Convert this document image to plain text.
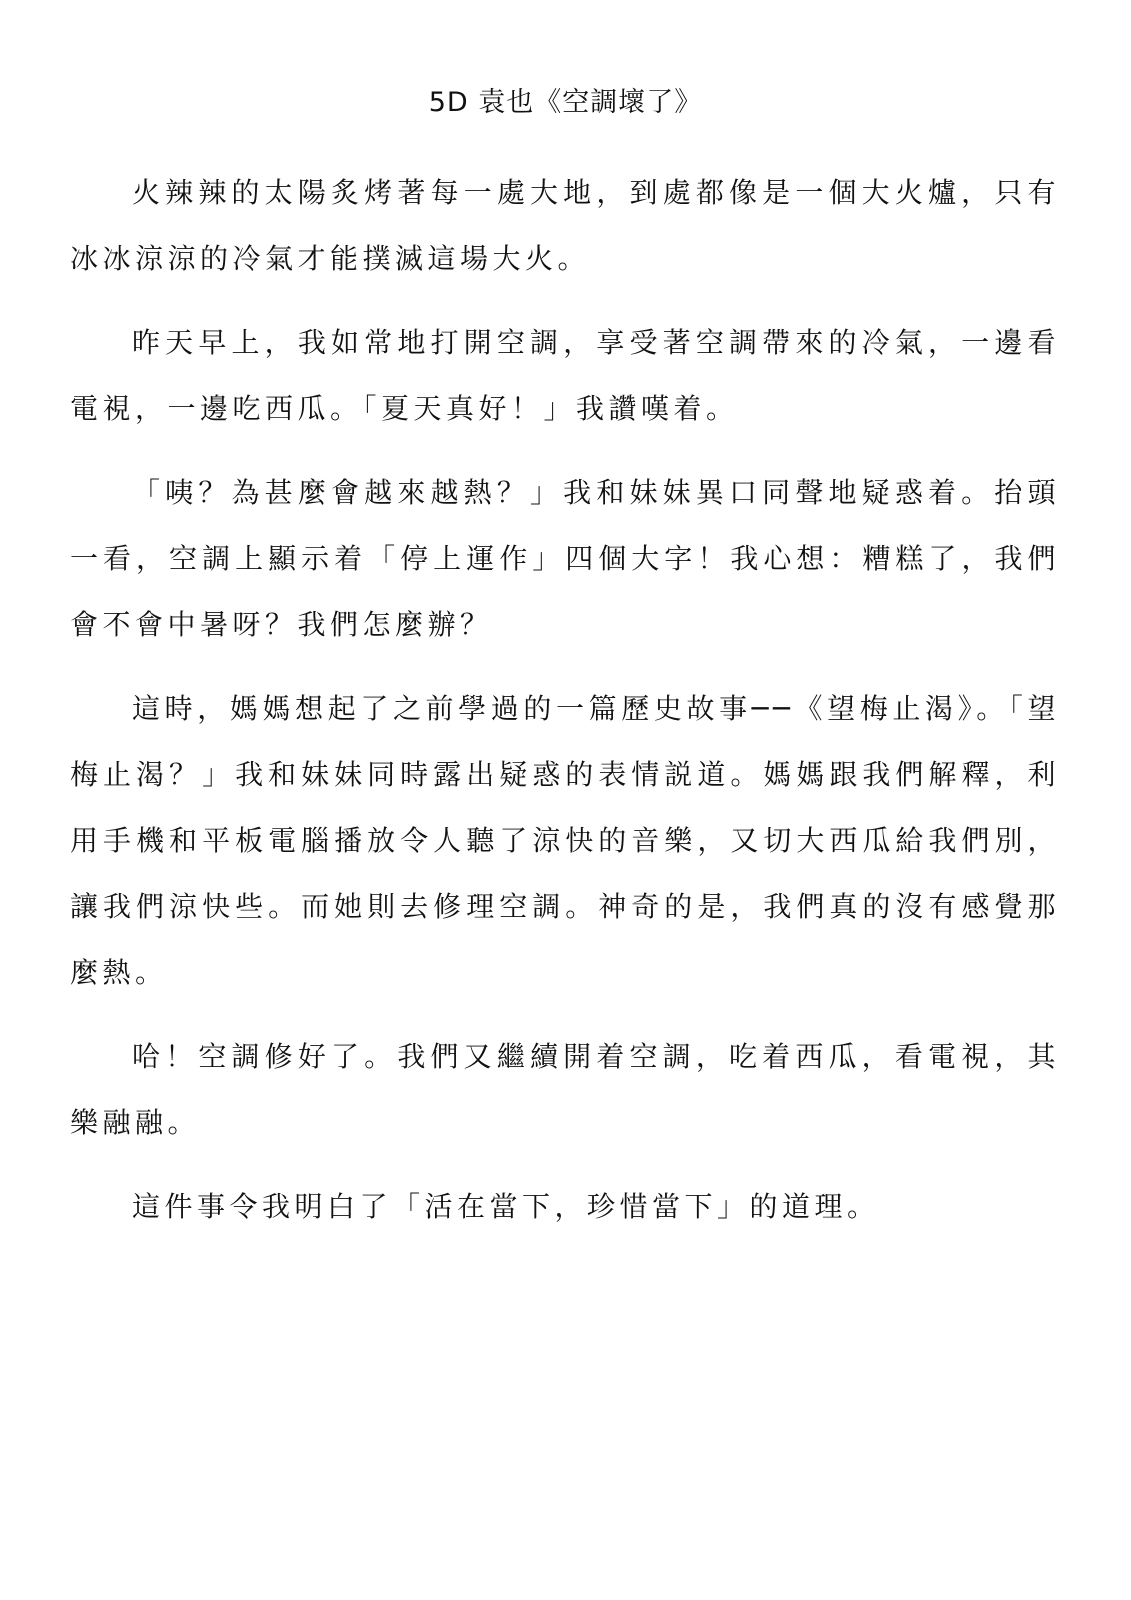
5D 袁也《空調壞了》

火辣辣的太陽炙烤著每一處大地，到處都像是一個大火爐，只有冰冰涼涼的冷氣才能撲滅這場大火。

昨天早上，我如常地打開空調，享受著空調帶來的冷氣，一邊看電視，一邊吃西瓜。「夏天真好！」我讚嘆着。

「咦？為甚麼會越來越熱？」我和妹妹異口同聲地疑惑着。抬頭一看，空調上顯示着「停上運作」四個大字！我心想：糟糕了，我們會不會中暑呀？我們怎麼辦？

這時，媽媽想起了之前學過的一篇歷史故事──《望梅止渴》。「望梅止渴？」我和妹妹同時露出疑惑的表情説道。媽媽跟我們解釋，利用手機和平板電腦播放令人聽了涼快的音樂，又切大西瓜給我們別，讓我們涼快些。而她則去修理空調。神奇的是，我們真的沒有感覺那麼熱。

哈！空調修好了。我們又繼續開着空調，吃着西瓜，看電視，其樂融融。

這件事令我明白了「活在當下，珍惜當下」的道理。
